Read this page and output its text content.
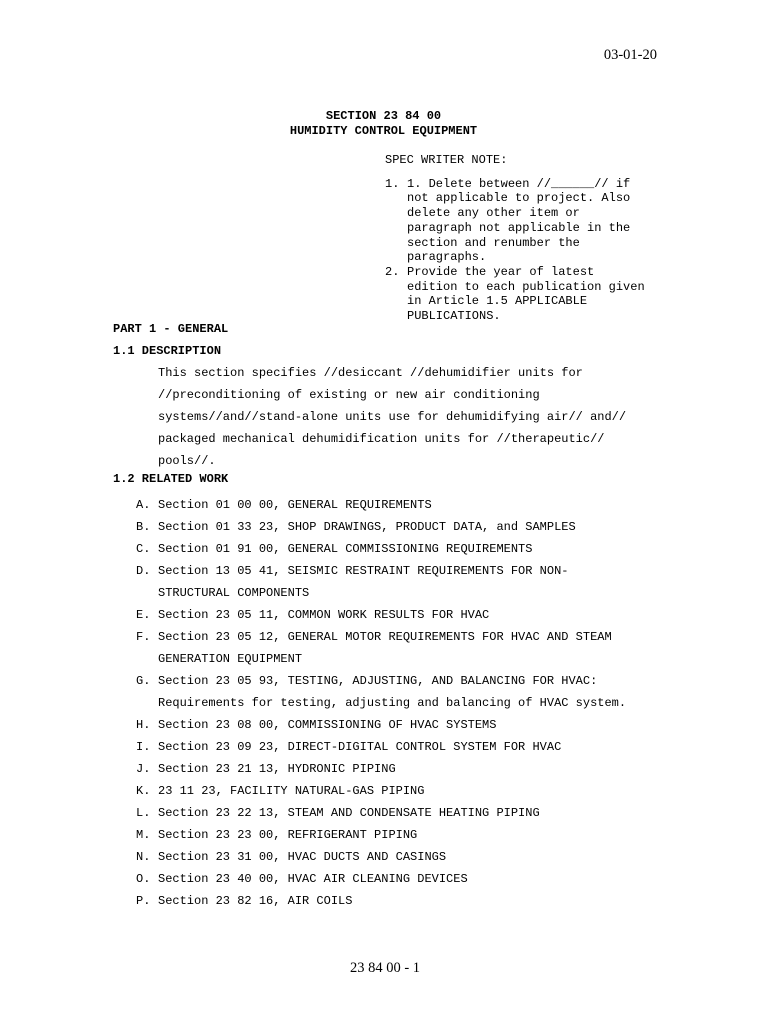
03-01-20
SECTION 23 84 00
HUMIDITY CONTROL EQUIPMENT
SPEC WRITER NOTE:
1. 1. Delete between //______// if
not applicable to project. Also
delete any other item or
paragraph not applicable in the
section and renumber the
paragraphs.
2. Provide the year of latest
edition to each publication given
in Article 1.5 APPLICABLE
PUBLICATIONS.
PART 1 - GENERAL
1.1 DESCRIPTION
This section specifies //desiccant //dehumidifier units for
//preconditioning of existing or new air conditioning
systems//and//stand-alone units use for dehumidifying air// and//
packaged mechanical dehumidification units for //therapeutic//
pools//.
1.2 RELATED WORK
A. Section 01 00 00, GENERAL REQUIREMENTS
B. Section 01 33 23, SHOP DRAWINGS, PRODUCT DATA, and SAMPLES
C. Section 01 91 00, GENERAL COMMISSIONING REQUIREMENTS
D. Section 13 05 41, SEISMIC RESTRAINT REQUIREMENTS FOR NON-
STRUCTURAL COMPONENTS
E. Section 23 05 11, COMMON WORK RESULTS FOR HVAC
F. Section 23 05 12, GENERAL MOTOR REQUIREMENTS FOR HVAC AND STEAM
GENERATION EQUIPMENT
G. Section 23 05 93, TESTING, ADJUSTING, AND BALANCING FOR HVAC:
Requirements for testing, adjusting and balancing of HVAC system.
H. Section 23 08 00, COMMISSIONING OF HVAC SYSTEMS
I. Section 23 09 23, DIRECT-DIGITAL CONTROL SYSTEM FOR HVAC
J. Section 23 21 13, HYDRONIC PIPING
K. 23 11 23, FACILITY NATURAL-GAS PIPING
L. Section 23 22 13, STEAM AND CONDENSATE HEATING PIPING
M. Section 23 23 00, REFRIGERANT PIPING
N. Section 23 31 00, HVAC DUCTS AND CASINGS
O. Section 23 40 00, HVAC AIR CLEANING DEVICES
P. Section 23 82 16, AIR COILS
23 84 00 - 1
